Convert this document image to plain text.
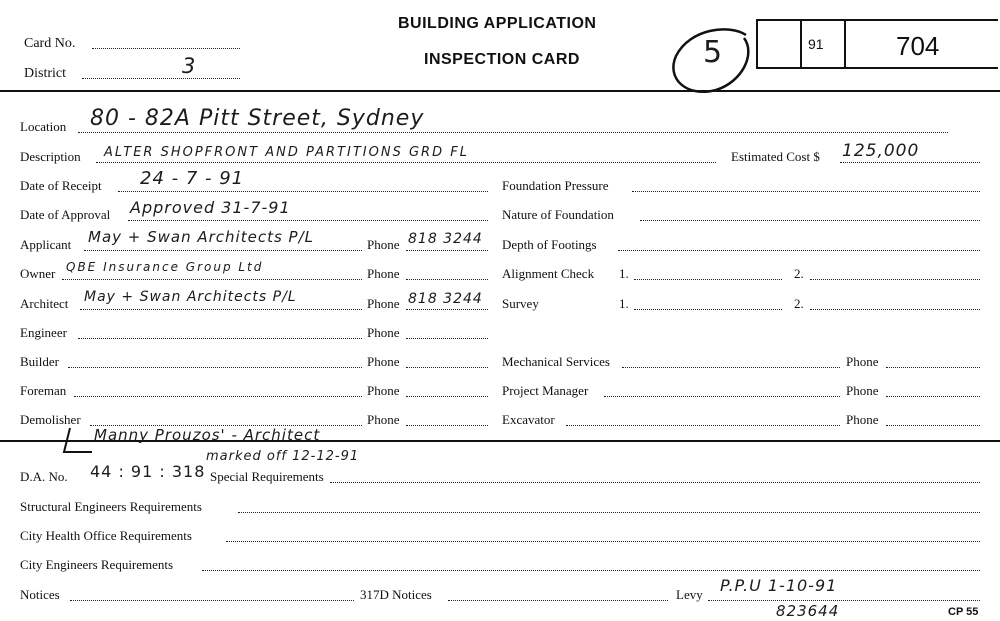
Card No.
District	3
BUILDING APPLICATION
INSPECTION CARD	5	91	704
Location 80 - 82A Pitt Street, Sydney
Description ALTER SHOPFRONT AND PARTITIONS GRD FL	Estimated Cost $ 125,000
Date of Receipt 24 - 7 - 91
Date of Approval Approved 31-7-91
Applicant May + Swan Architects P/L	Phone 818 3244
Owner QBE Insurance Group Ltd	Phone
Architect May + Swan Architects P/L	Phone 818 3244
Engineer	Phone
Builder	Phone
Foreman	Phone
Demolisher	Phone
Foundation Pressure
Nature of Foundation
Depth of Footings
Alignment Check 1.	2.
Survey	1.	2.
Mechanical Services	Phone
Project Manager	Phone
Excavator	Phone
Manny Prouzos' - Architect
D.A. No. 44 : 91 : 318
marked off 12-12-91
Special Requirements
Structural Engineers Requirements
City Health Office Requirements
City Engineers Requirements
Notices	317D Notices	Levy P.P.U 1-10-91
823644	CP 55
